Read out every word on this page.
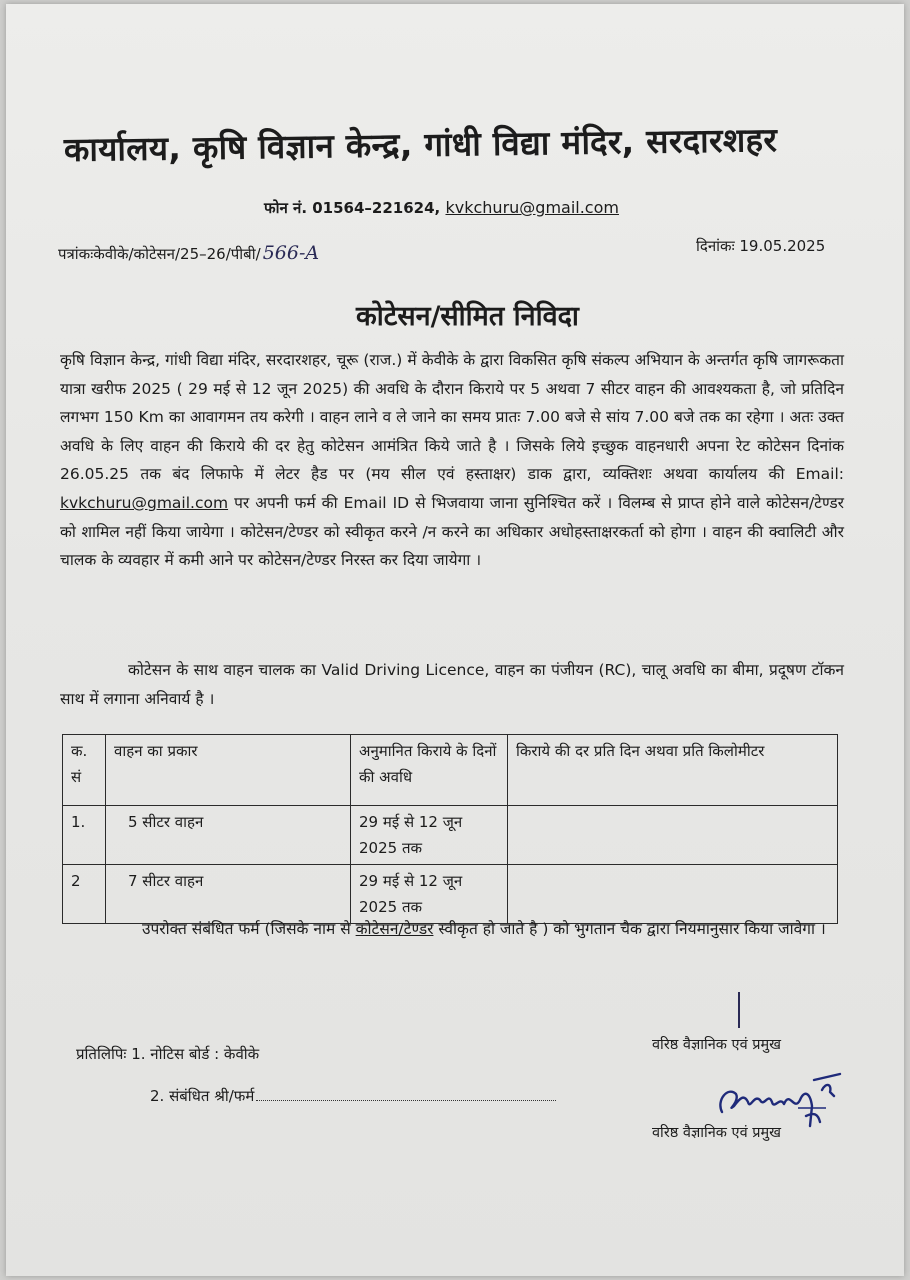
कार्यालय, कृषि विज्ञान केन्द्र, गांधी विद्या मंदिर, सरदारशहर
फोन नं. 01564–221624, kvkchuru@gmail.com
पत्रांकःकेवीके/कोटेसन/25–26/पीबी/ 566-A	दिनांकः 19.05.2025
कोटेसन/सीमित निविदा
कृषि विज्ञान केन्द्र, गांधी विद्या मंदिर, सरदारशहर, चूरू (राज.) में केवीके के द्वारा विकसित कृषि संकल्प अभियान के अन्तर्गत कृषि जागरूकता यात्रा खरीफ 2025 ( 29 मई से 12 जून 2025) की अवधि के दौरान किराये पर 5 अथवा 7 सीटर वाहन की आवश्यकता है, जो प्रतिदिन लगभग 150 Km का आवागमन तय करेगी । वाहन लाने व ले जाने का समय प्रातः 7.00 बजे से सांय 7.00 बजे तक का रहेगा । अतः उक्त अवधि के लिए वाहन की किराये की दर हेतु कोटेसन आमंत्रित किये जाते है । जिसके लिये इच्छुक वाहनधारी अपना रेट कोटेसन दिनांक 26.05.25 तक बंद लिफाफे में लेटर हैड पर (मय सील एवं हस्ताक्षर) डाक द्वारा, व्यक्तिशः अथवा कार्यालय की Email: kvkchuru@gmail.com पर अपनी फर्म की Email ID से भिजवाया जाना सुनिश्चित करें । विलम्ब से प्राप्त होने वाले कोटेसन/टेण्डर को शामिल नहीं किया जायेगा । कोटेसन/टेण्डर को स्वीकृत करने /न करने का अधिकार अधोहस्ताक्षरकर्ता को होगा । वाहन की क्वालिटी और चालक के व्यवहार में कमी आने पर कोटेसन/टेण्डर निरस्त कर दिया जायेगा ।
कोटेसन के साथ वाहन चालक का Valid Driving Licence, वाहन का पंजीयन (RC), चालू अवधि का बीमा, प्रदूषण टॉकन साथ में लगाना अनिवार्य है ।
क. सं	वाहन का प्रकार	अनुमानित किराये के दिनों की अवधि	किराये की दर प्रति दिन अथवा प्रति किलोमीटर
1.	5 सीटर वाहन	29 मई से 12 जून 2025 तक	
2	7 सीटर वाहन	29 मई से 12 जून 2025 तक	
उपरोक्त संबंधित फर्म (जिसके नाम से कोटेसन/टेण्डर स्वीकृत हो जाते है ) को भुगतान चैक द्वारा नियमानुसार किया जावेगा ।
वरिष्ठ वैज्ञानिक एवं प्रमुख
प्रतिलिपिः 1. नोटिस बोर्ड : केवीके
2. संबंधित श्री/फर्म
वरिष्ठ वैज्ञानिक एवं प्रमुख
